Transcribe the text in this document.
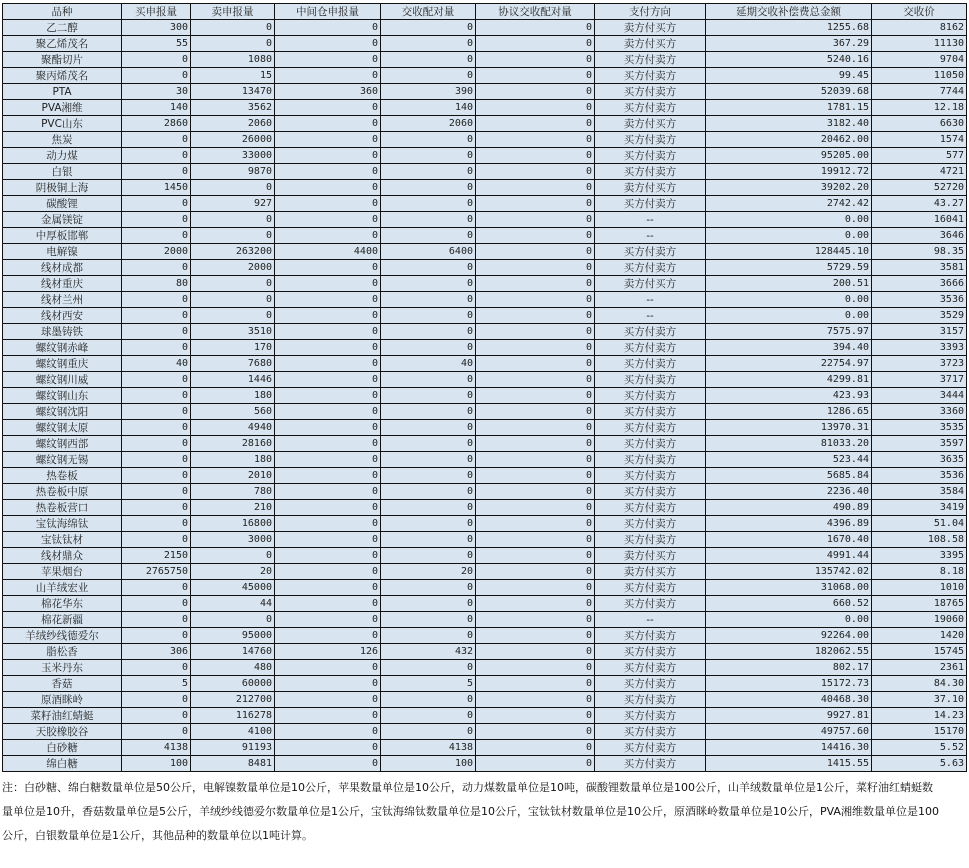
品种	买申报量	卖申报量	中间仓申报量	交收配对量	协议交收配对量	支付方向	延期交收补偿费总金额	交收价
乙二醇	300	0	0	0	0	卖方付买方	1255.68	8162
聚乙烯茂名	55	0	0	0	0	卖方付买方	367.29	11130
聚酯切片	0	1080	0	0	0	买方付卖方	5240.16	9704
聚丙烯茂名	0	15	0	0	0	买方付卖方	99.45	11050
PTA	30	13470	360	390	0	买方付卖方	52039.68	7744
PVA湘维	140	3562	0	140	0	买方付卖方	1781.15	12.18
PVC山东	2860	2060	0	2060	0	卖方付买方	3182.40	6630
焦炭	0	26000	0	0	0	买方付卖方	20462.00	1574
动力煤	0	33000	0	0	0	买方付卖方	95205.00	577
白银	0	9870	0	0	0	买方付卖方	19912.72	4721
阴极铜上海	1450	0	0	0	0	卖方付买方	39202.20	52720
碳酸锂	0	927	0	0	0	买方付卖方	2742.42	43.27
金属镁锭	0	0	0	0	0	--	0.00	16041
中厚板邯郸	0	0	0	0	0	--	0.00	3646
电解镍	2000	263200	4400	6400	0	买方付卖方	128445.10	98.35
线材成都	0	2000	0	0	0	买方付卖方	5729.59	3581
线材重庆	80	0	0	0	0	卖方付买方	200.51	3666
线材兰州	0	0	0	0	0	--	0.00	3536
线材西安	0	0	0	0	0	--	0.00	3529
球墨铸铁	0	3510	0	0	0	买方付卖方	7575.97	3157
螺纹钢赤峰	0	170	0	0	0	买方付卖方	394.40	3393
螺纹钢重庆	40	7680	0	40	0	买方付卖方	22754.97	3723
螺纹钢川威	0	1446	0	0	0	买方付卖方	4299.81	3717
螺纹钢山东	0	180	0	0	0	买方付卖方	423.93	3444
螺纹钢沈阳	0	560	0	0	0	买方付卖方	1286.65	3360
螺纹钢太原	0	4940	0	0	0	买方付卖方	13970.31	3535
螺纹钢西部	0	28160	0	0	0	买方付卖方	81033.20	3597
螺纹钢无锡	0	180	0	0	0	买方付卖方	523.44	3635
热卷板	0	2010	0	0	0	买方付卖方	5685.84	3536
热卷板中原	0	780	0	0	0	买方付卖方	2236.40	3584
热卷板营口	0	210	0	0	0	买方付卖方	490.89	3419
宝钛海绵钛	0	16800	0	0	0	买方付卖方	4396.89	51.04
宝钛钛材	0	3000	0	0	0	买方付卖方	1670.40	108.58
线材鼎众	2150	0	0	0	0	卖方付买方	4991.44	3395
苹果烟台	2765750	20	0	20	0	卖方付买方	135742.02	8.18
山羊绒宏业	0	45000	0	0	0	买方付卖方	31068.00	1010
棉花华东	0	44	0	0	0	买方付卖方	660.52	18765
棉花新疆	0	0	0	0	0	--	0.00	19060
羊绒纱线德爱尔	0	95000	0	0	0	买方付卖方	92264.00	1420
脂松香	306	14760	126	432	0	买方付卖方	182062.55	15745
玉米丹东	0	480	0	0	0	买方付卖方	802.17	2361
香菇	5	60000	0	5	0	买方付卖方	15172.73	84.30
原酒眯岭	0	212700	0	0	0	买方付卖方	40468.30	37.10
菜籽油红蜻蜓	0	116278	0	0	0	买方付卖方	9927.81	14.23
天胶橡胶谷	0	4100	0	0	0	买方付卖方	49757.60	15170
白砂糖	4138	91193	0	4138	0	买方付卖方	14416.30	5.52
绵白糖	100	8481	0	100	0	买方付卖方	1415.55	5.63
注：白砂糖、绵白糖数量单位是50公斤，电解镍数量单位是10公斤，苹果数量单位是10公斤，动力煤数量单位是10吨，碳酸锂数量单位是100公斤，山羊绒数量单位是1公斤，菜籽油红蜻蜓数量单位是10升，香菇数量单位是5公斤，羊绒纱线德爱尔数量单位是1公斤，宝钛海绵钛数量单位是10公斤，宝钛钛材数量单位是10公斤，原酒眯岭数量单位是10公斤，PVA湘维数量单位是100公斤，白银数量单位是1公斤，其他品种的数量单位以1吨计算。
